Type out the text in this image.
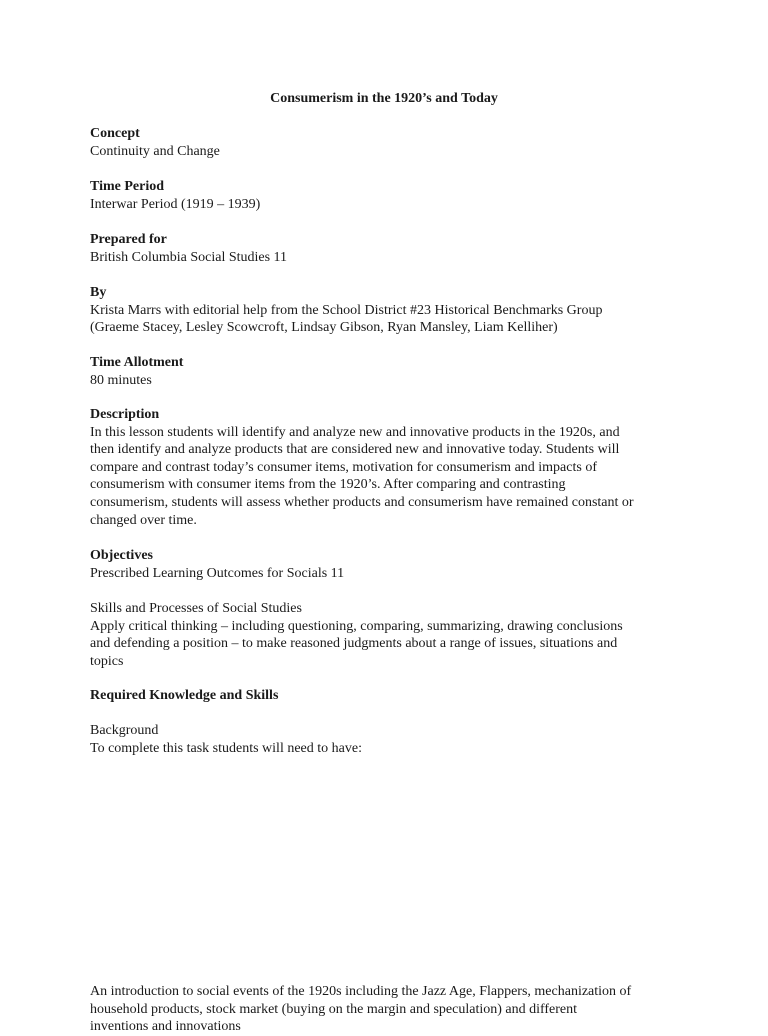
Consumerism in the 1920’s and Today
Concept
Continuity and Change
Time Period
Interwar Period (1919 – 1939)
Prepared for
British Columbia Social Studies 11
By
Krista Marrs with editorial help from the School District #23 Historical Benchmarks Group
(Graeme Stacey, Lesley Scowcroft, Lindsay Gibson, Ryan Mansley, Liam Kelliher)
Time Allotment
80 minutes
Description
In this lesson students will identify and analyze new and innovative products in the 1920s, and
then identify and analyze products that are considered new and innovative today. Students will
compare and contrast today’s consumer items, motivation for consumerism and impacts of
consumerism with consumer items from the 1920’s. After comparing and contrasting
consumerism, students will assess whether products and consumerism have remained constant or
changed over time.
Objectives
Prescribed Learning Outcomes for Socials 11
Skills and Processes of Social Studies
Apply critical thinking – including questioning, comparing, summarizing, drawing conclusions
and defending a position – to make reasoned judgments about a range of issues, situations and
topics
Required Knowledge and Skills
Background
To complete this task students will need to have:
An introduction to social events of the 1920s including the Jazz Age, Flappers, mechanization of
household products, stock market (buying on the margin and speculation) and different
inventions and innovations
